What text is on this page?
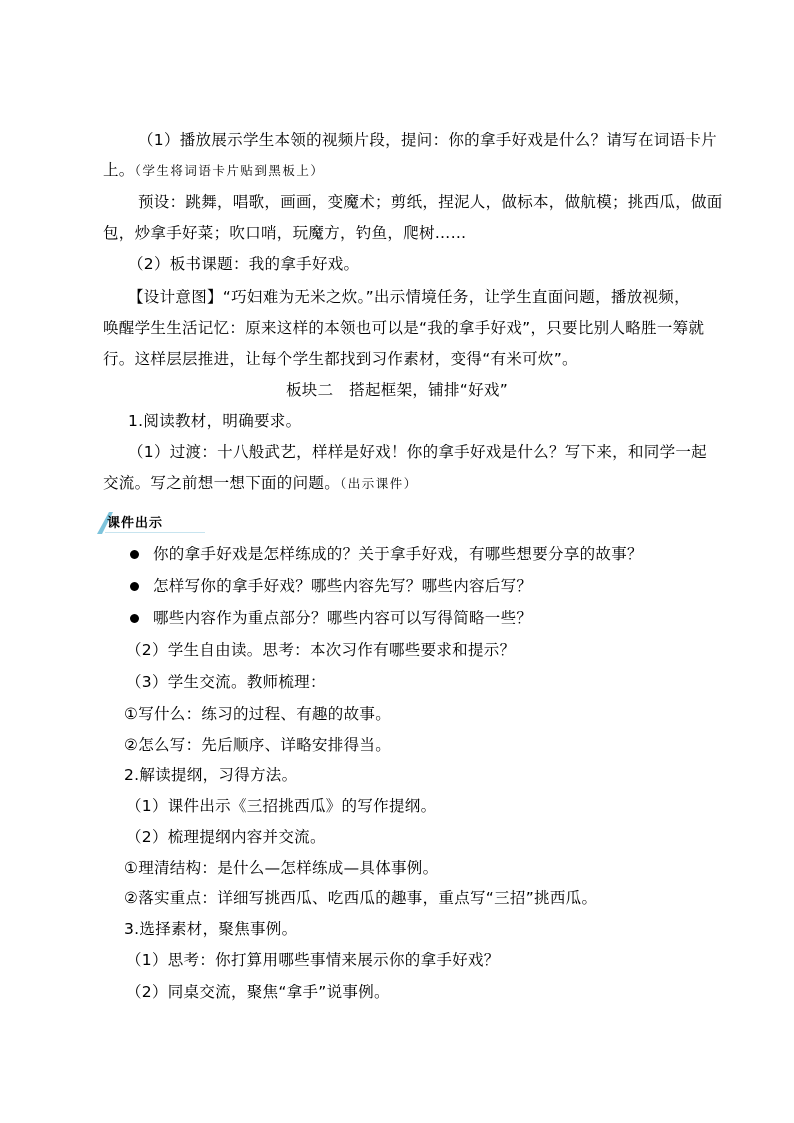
（1）播放展示学生本领的视频片段，提问：你的拿手好戏是什么？请写在词语卡片
上。（学生将词语卡片贴到黑板上）
预设：跳舞，唱歌，画画，变魔术；剪纸，捏泥人，做标本，做航模；挑西瓜，做面
包，炒拿手好菜；吹口哨，玩魔方，钓鱼，爬树……
（2）板书课题：我的拿手好戏。
【设计意图】“巧妇难为无米之炊。”出示情境任务，让学生直面问题，播放视频，
唤醒学生生活记忆：原来这样的本领也可以是“我的拿手好戏”，只要比别人略胜一筹就
行。这样层层推进，让每个学生都找到习作素材，变得“有米可炊”。
板块二　搭起框架，铺排“好戏”
1.阅读教材，明确要求。
（1）过渡：十八般武艺，样样是好戏！你的拿手好戏是什么？写下来，和同学一起
交流。写之前想一想下面的问题。（出示课件）
课件出示
你的拿手好戏是怎样练成的？关于拿手好戏，有哪些想要分享的故事？
怎样写你的拿手好戏？哪些内容先写？哪些内容后写？
哪些内容作为重点部分？哪些内容可以写得简略一些？
（2）学生自由读。思考：本次习作有哪些要求和提示？
（3）学生交流。教师梳理：
①写什么：练习的过程、有趣的故事。
②怎么写：先后顺序、详略安排得当。
2.解读提纲，习得方法。
（1）课件出示《三招挑西瓜》的写作提纲。
（2）梳理提纲内容并交流。
①理清结构：是什么—怎样练成—具体事例。
②落实重点：详细写挑西瓜、吃西瓜的趣事，重点写“三招”挑西瓜。
3.选择素材，聚焦事例。
（1）思考：你打算用哪些事情来展示你的拿手好戏？
（2）同桌交流，聚焦“拿手”说事例。
